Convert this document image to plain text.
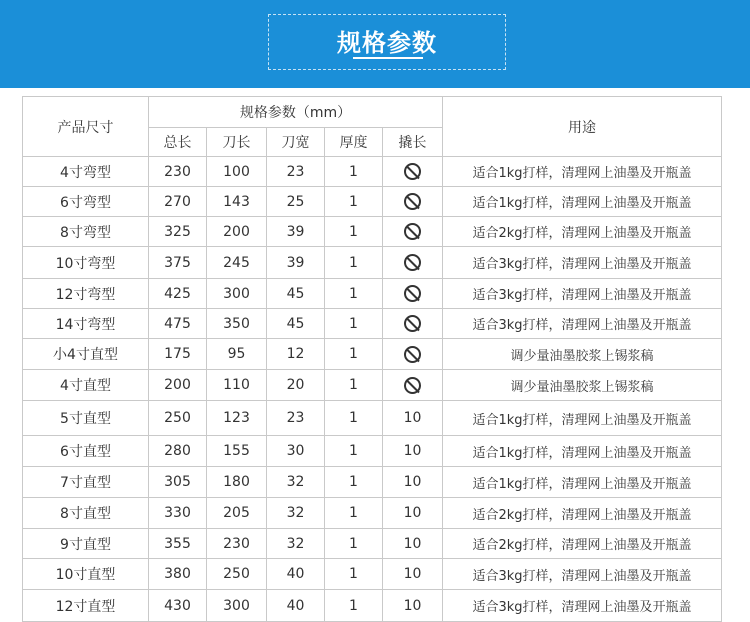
规格参数
产品尺寸	规格参数（mm）					用途
	总长	刀长	刀宽	厚度	撬长	
4寸弯型	230	100	23	1		适合1kg打样，清理网上油墨及开瓶盖
6寸弯型	270	143	25	1		适合1kg打样，清理网上油墨及开瓶盖
8寸弯型	325	200	39	1		适合2kg打样，清理网上油墨及开瓶盖
10寸弯型	375	245	39	1		适合3kg打样，清理网上油墨及开瓶盖
12寸弯型	425	300	45	1		适合3kg打样，清理网上油墨及开瓶盖
14寸弯型	475	350	45	1		适合3kg打样，清理网上油墨及开瓶盖
小4寸直型	175	95	12	1		调少量油墨胶浆上锡浆稿
4寸直型	200	110	20	1		调少量油墨胶浆上锡浆稿
5寸直型	250	123	23	1	10	适合1kg打样，清理网上油墨及开瓶盖
6寸直型	280	155	30	1	10	适合1kg打样，清理网上油墨及开瓶盖
7寸直型	305	180	32	1	10	适合1kg打样，清理网上油墨及开瓶盖
8寸直型	330	205	32	1	10	适合2kg打样，清理网上油墨及开瓶盖
9寸直型	355	230	32	1	10	适合2kg打样，清理网上油墨及开瓶盖
10寸直型	380	250	40	1	10	适合3kg打样，清理网上油墨及开瓶盖
12寸直型	430	300	40	1	10	适合3kg打样，清理网上油墨及开瓶盖
